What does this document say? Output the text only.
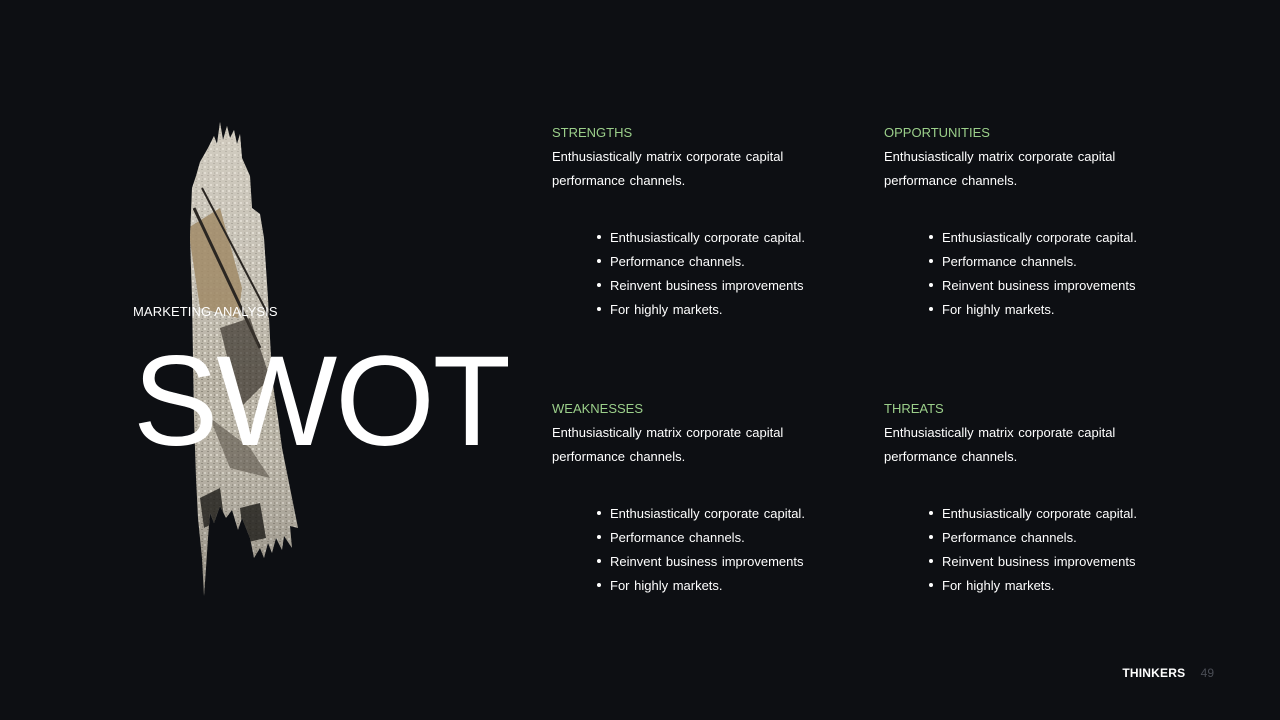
MARKETING ANALYSIS
SWOT
STRENGTHS
Enthusiastically matrix corporate capital performance channels.
Enthusiastically corporate capital.
Performance channels.
Reinvent business improvements
For highly markets.
OPPORTUNITIES
Enthusiastically matrix corporate capital performance channels.
Enthusiastically corporate capital.
Performance channels.
Reinvent business improvements
For highly markets.
WEAKNESSES
Enthusiastically matrix corporate capital performance channels.
Enthusiastically corporate capital.
Performance channels.
Reinvent business improvements
For highly markets.
THREATS
Enthusiastically matrix corporate capital performance channels.
Enthusiastically corporate capital.
Performance channels.
Reinvent business improvements
For highly markets.
THINKERS 49
